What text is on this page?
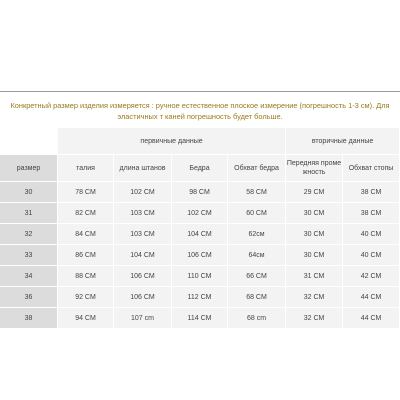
Конкретный размер изделия измеряется : ручное естественное плоское измерение (погрешность 1-3 см). Для эластичных т каней погрешность будет больше.
	первичные данные				вторичные данные	
размер	талия	длина штанов	Бедра	Обхват бедра	Передняя проме жность	Обхват стопы
30	78 CM	102 CM	98 CM	58 CM	29 CM	38 CM
31	82 CM	103 CM	102 CM	60 CM	30 CM	38 CM
32	84 CM	103 CM	104 CM	62см	30 CM	40 CM
33	86 CM	104 CM	106 CM	64см	30 CM	40 CM
34	88 CM	106 CM	110 CM	66 CM	31 CM	42 CM
36	92 CM	106 CM	112 CM	68 CM	32 CM	44 CM
38	94 CM	107 cm	114 CM	68 cm	32 CM	44 CM
